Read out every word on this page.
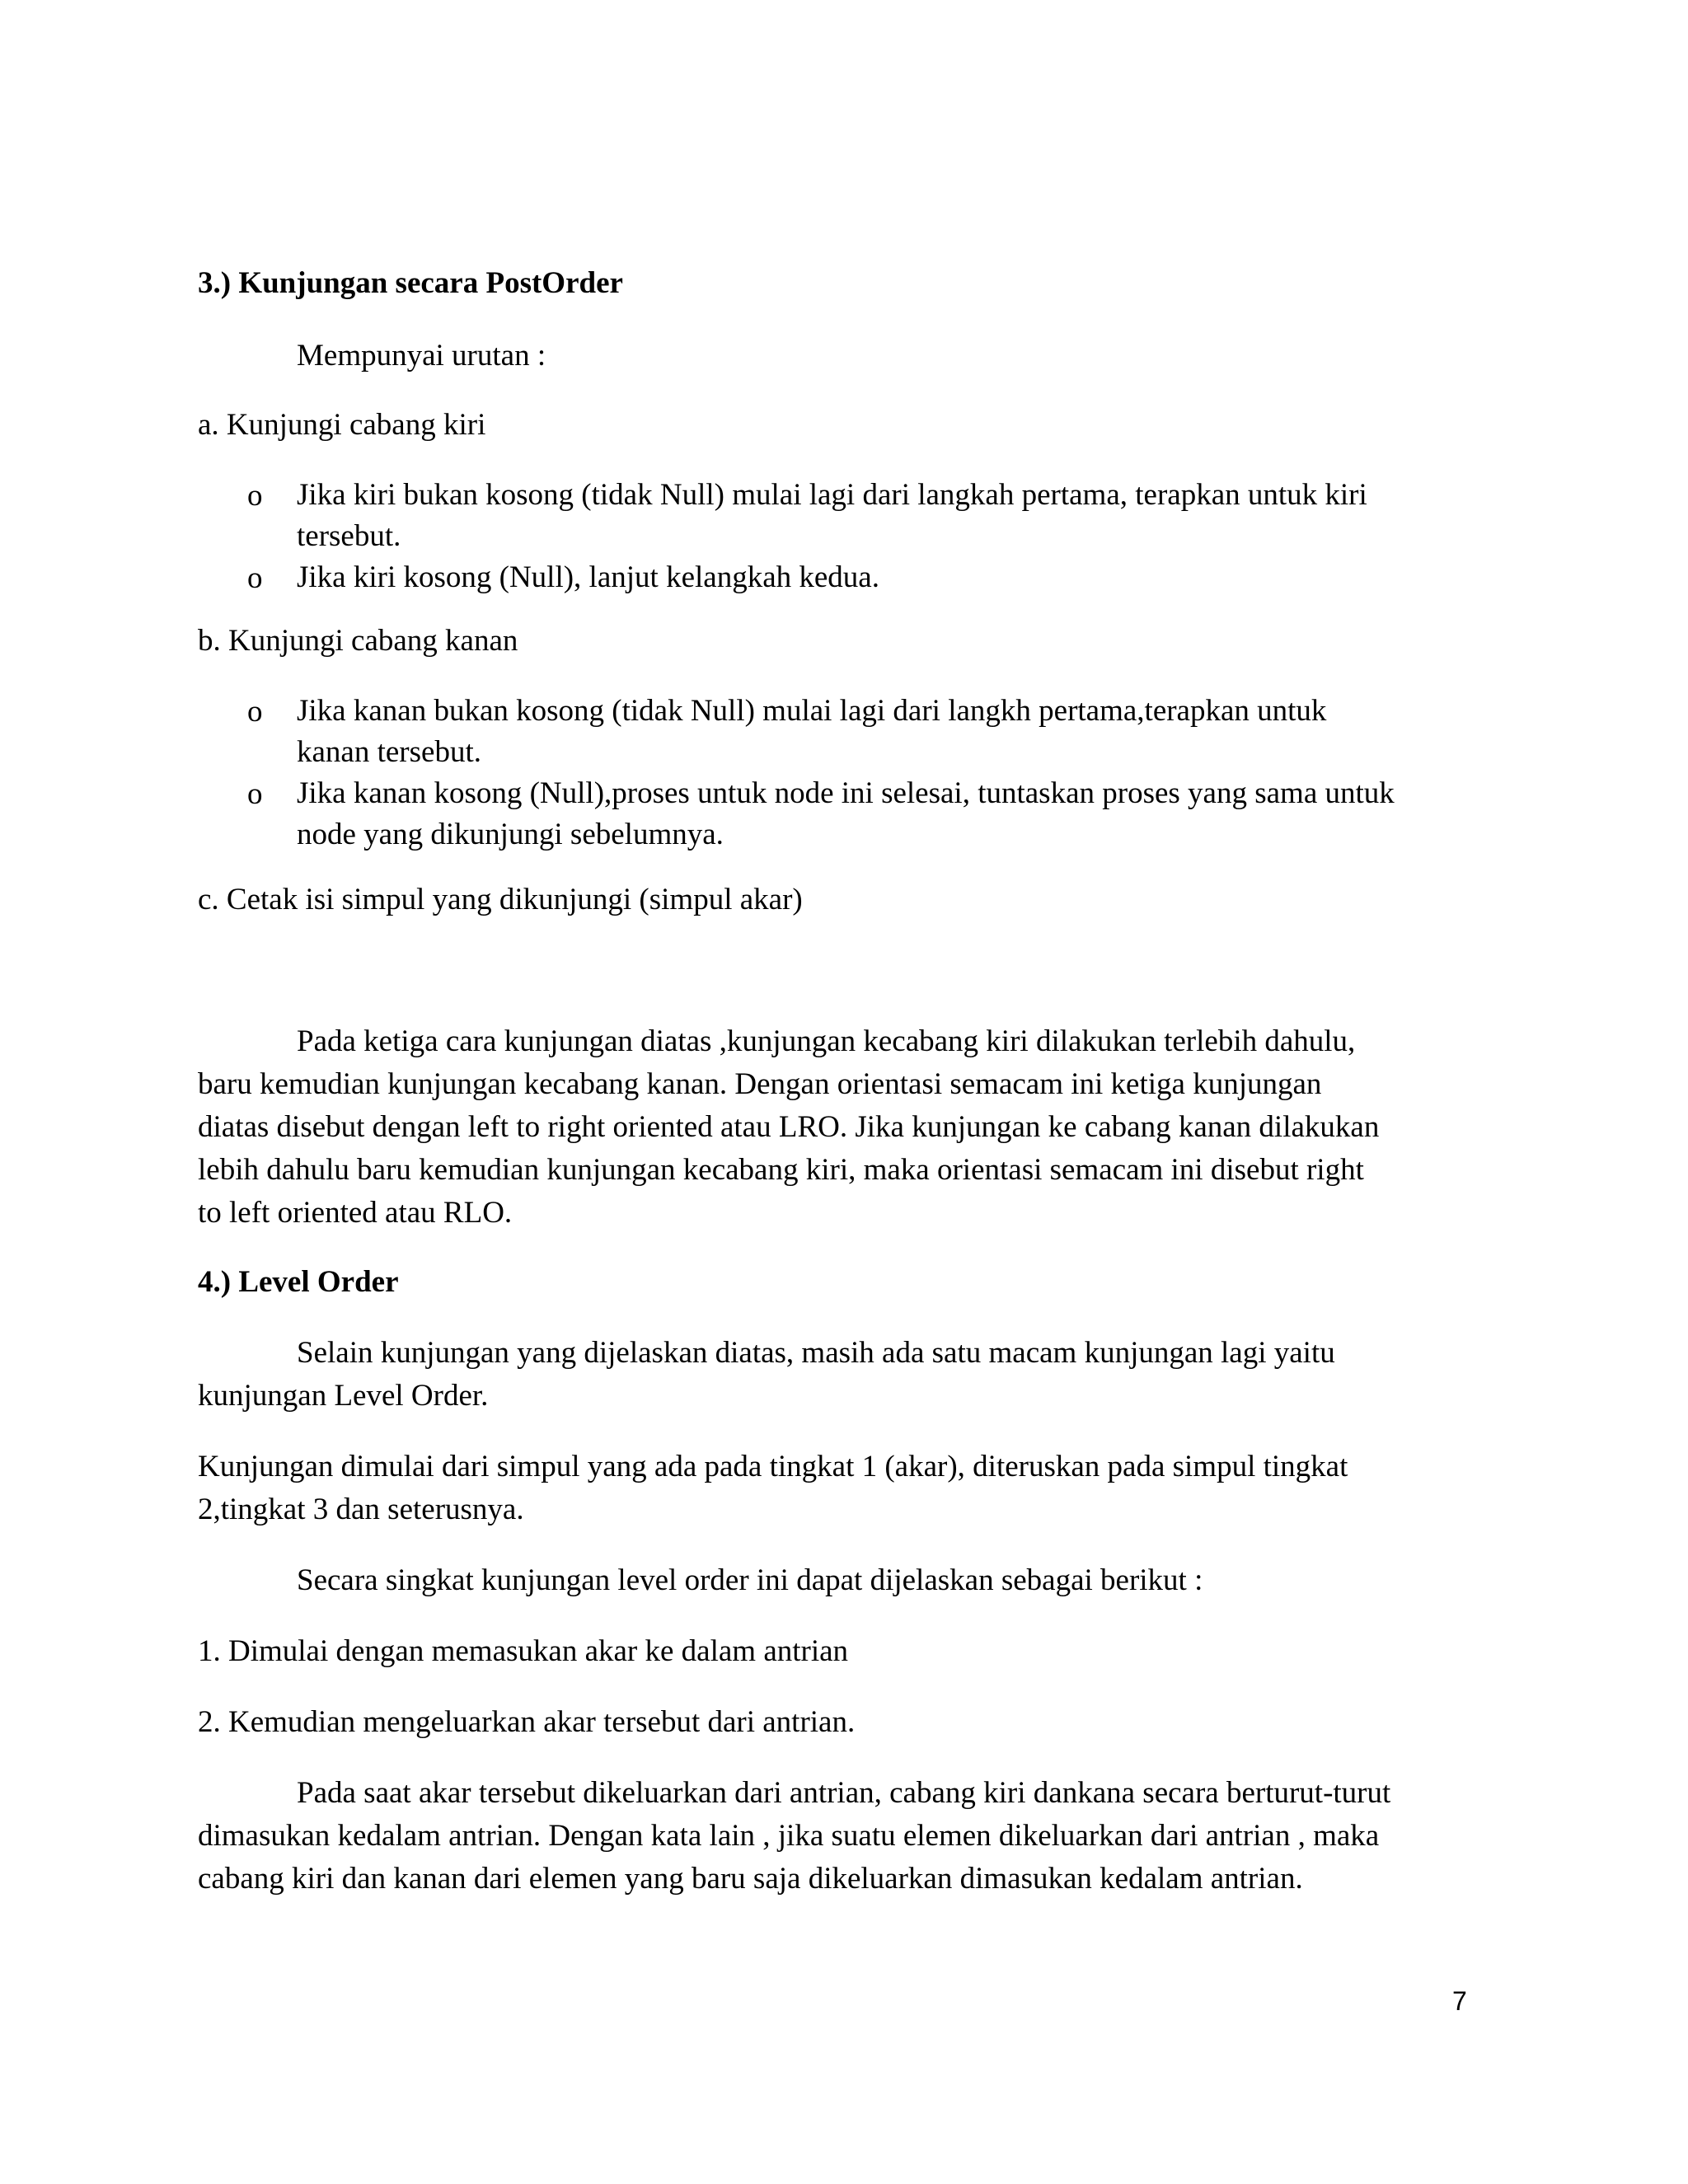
3.) Kunjungan secara PostOrder
Mempunyai urutan :
a. Kunjungi cabang kiri
o Jika kiri bukan kosong (tidak Null) mulai lagi dari langkah pertama, terapkan untuk kiri
tersebut.
o Jika kiri kosong (Null), lanjut kelangkah kedua.
b. Kunjungi cabang kanan
o Jika kanan bukan kosong (tidak Null) mulai lagi dari langkh pertama,terapkan untuk
kanan tersebut.
o Jika kanan kosong (Null),proses untuk node ini selesai, tuntaskan proses yang sama untuk
node yang dikunjungi sebelumnya.
c. Cetak isi simpul yang dikunjungi (simpul akar)
Pada ketiga cara kunjungan diatas ,kunjungan kecabang kiri dilakukan terlebih dahulu,
baru kemudian kunjungan kecabang kanan. Dengan orientasi semacam ini ketiga kunjungan
diatas disebut dengan left to right oriented atau LRO. Jika kunjungan ke cabang kanan dilakukan
lebih dahulu baru kemudian kunjungan kecabang kiri, maka orientasi semacam ini disebut right
to left oriented atau RLO.
4.) Level Order
Selain kunjungan yang dijelaskan diatas, masih ada satu macam kunjungan lagi yaitu
kunjungan Level Order.
Kunjungan dimulai dari simpul yang ada pada tingkat 1 (akar), diteruskan pada simpul tingkat
2,tingkat 3 dan seterusnya.
Secara singkat kunjungan level order ini dapat dijelaskan sebagai berikut :
1. Dimulai dengan memasukan akar ke dalam antrian
2. Kemudian mengeluarkan akar tersebut dari antrian.
Pada saat akar tersebut dikeluarkan dari antrian, cabang kiri dankana secara berturut-turut
dimasukan kedalam antrian. Dengan kata lain , jika suatu elemen dikeluarkan dari antrian , maka
cabang kiri dan kanan dari elemen yang baru saja dikeluarkan dimasukan kedalam antrian.
7
